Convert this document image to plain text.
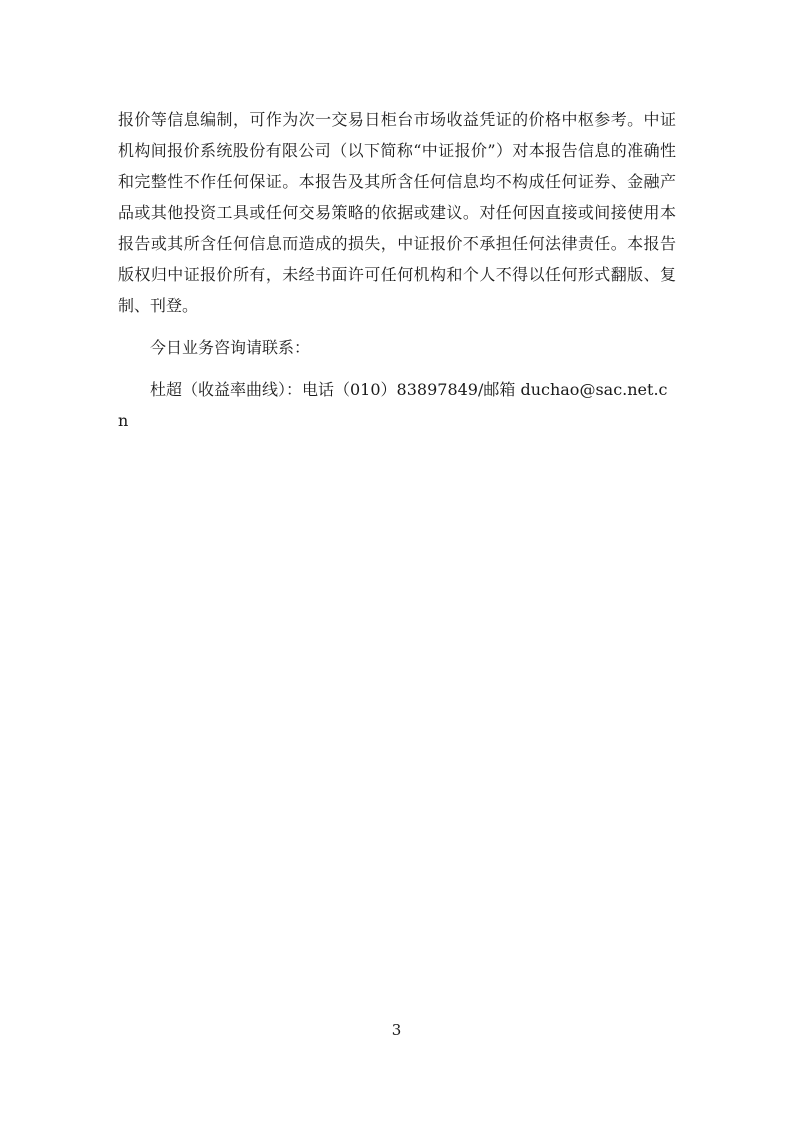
报价等信息编制，可作为次一交易日柜台市场收益凭证的价格中枢参考。中证机构间报价系统股份有限公司（以下简称“中证报价”）对本报告信息的准确性和完整性不作任何保证。本报告及其所含任何信息均不构成任何证券、金融产品或其他投资工具或任何交易策略的依据或建议。对任何因直接或间接使用本报告或其所含任何信息而造成的损失，中证报价不承担任何法律责任。本报告版权归中证报价所有，未经书面许可任何机构和个人不得以任何形式翻版、复制、刊登。

今日业务咨询请联系：

杜超（收益率曲线）：电话（010）83897849/邮箱 duchao@sac.net.cn

3
